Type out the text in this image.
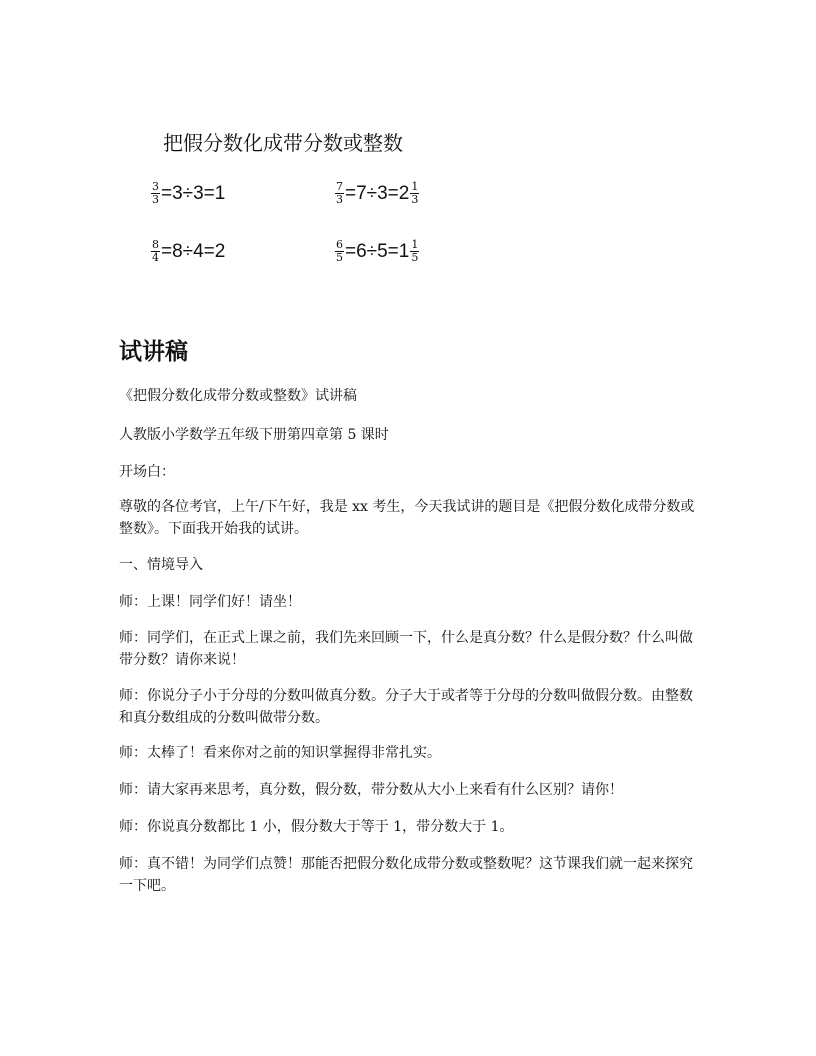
把假分数化成带分数或整数
$\frac{3}{3} =3\div 3=1$	$\frac{7}{3} =7\div 3=2 \frac{1}{3}$
$\frac{8}{4} =8\div 4=2$	$\frac{6}{5} =6\div 5=1 \frac{1}{5}$
试讲稿
《把假分数化成带分数或整数》试讲稿
人教版小学数学五年级下册第四章第 5 课时
开场白：
尊敬的各位考官，上午/下午好，我是 xx 考生，今天我试讲的题目是《把假分数化成带分数或整数》。下面我开始我的试讲。
一、情境导入
师：上课！同学们好！请坐！
师：同学们，在正式上课之前，我们先来回顾一下，什么是真分数？什么是假分数？什么叫做带分数？请你来说！
师：你说分子小于分母的分数叫做真分数。分子大于或者等于分母的分数叫做假分数。由整数和真分数组成的分数叫做带分数。
师：太棒了！看来你对之前的知识掌握得非常扎实。
师：请大家再来思考，真分数，假分数，带分数从大小上来看有什么区别？请你！
师：你说真分数都比 1 小，假分数大于等于 1，带分数大于 1。
师：真不错！为同学们点赞！那能否把假分数化成带分数或整数呢？这节课我们就一起来探究一下吧。
